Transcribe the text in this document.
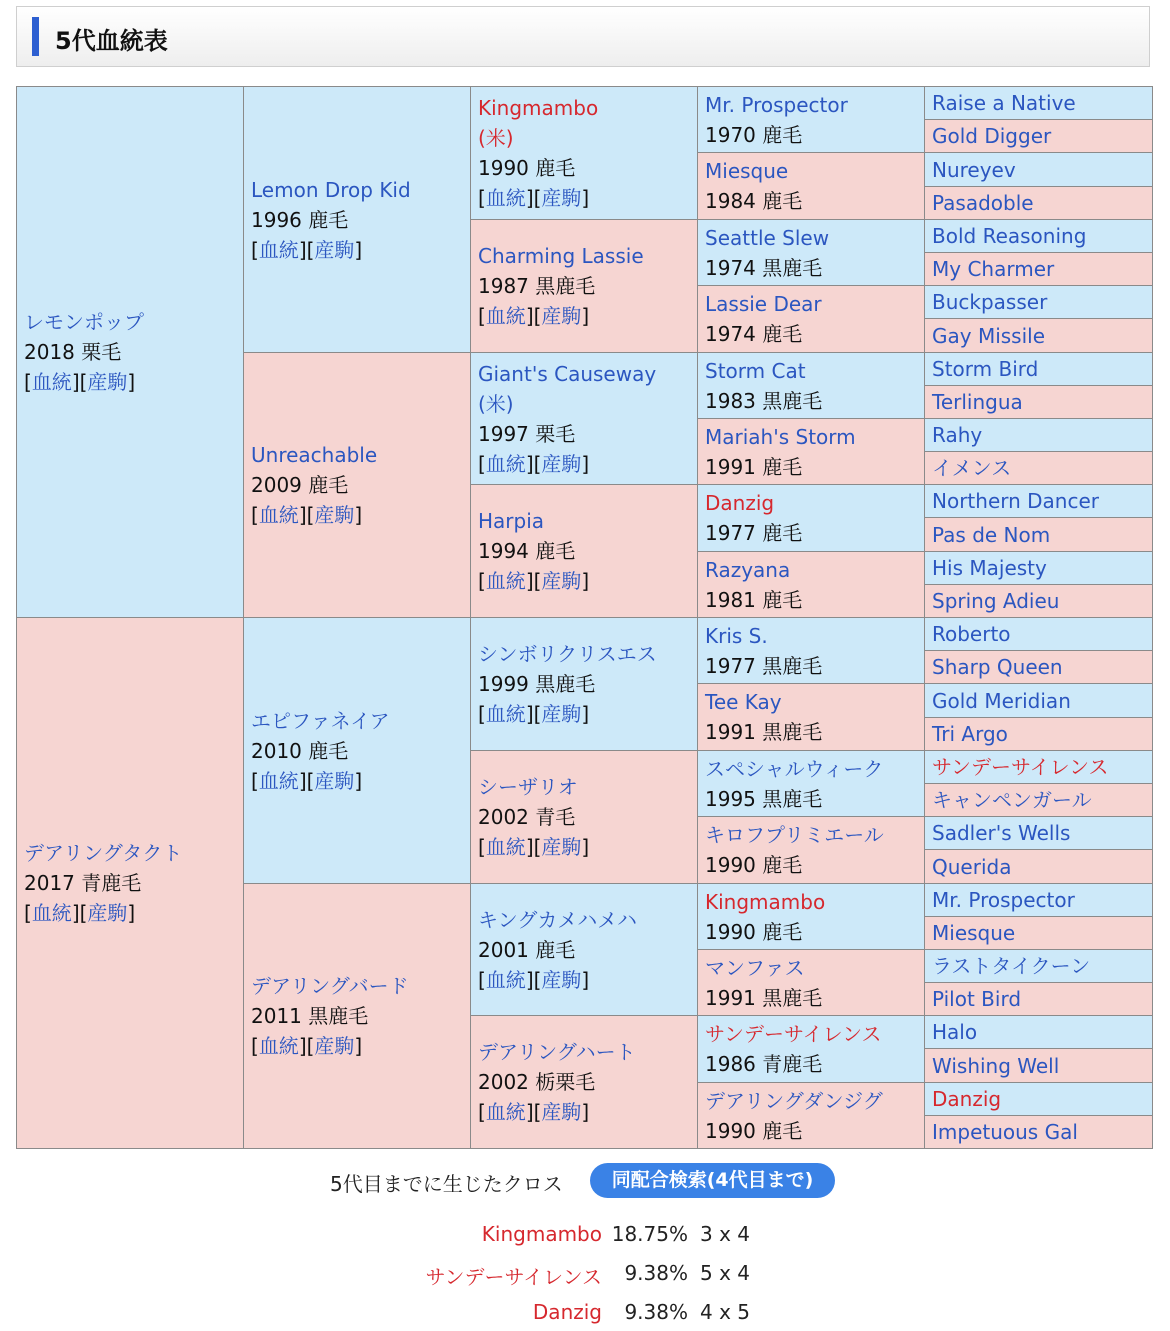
5代血統表
レモンポップ
2018 栗毛
[血統][産駒]
デアリングタクト
2017 青鹿毛
[血統][産駒]
Lemon Drop Kid
1996 鹿毛
[血統][産駒]
Unreachable
2009 鹿毛
[血統][産駒]
エピファネイア
2010 鹿毛
[血統][産駒]
デアリングバード
2011 黒鹿毛
[血統][産駒]
Kingmambo
(米)
1990 鹿毛
[血統][産駒]
Charming Lassie
1987 黒鹿毛
[血統][産駒]
Giant's Causeway
(米)
1997 栗毛
[血統][産駒]
Harpia
1994 鹿毛
[血統][産駒]
シンボリクリスエス
1999 黒鹿毛
[血統][産駒]
シーザリオ
2002 青毛
[血統][産駒]
キングカメハメハ
2001 鹿毛
[血統][産駒]
デアリングハート
2002 栃栗毛
[血統][産駒]
Mr. Prospector
1970 鹿毛
Miesque
1984 鹿毛
Seattle Slew
1974 黒鹿毛
Lassie Dear
1974 鹿毛
Storm Cat
1983 黒鹿毛
Mariah's Storm
1991 鹿毛
Danzig
1977 鹿毛
Razyana
1981 鹿毛
Kris S.
1977 黒鹿毛
Tee Kay
1991 黒鹿毛
スペシャルウィーク
1995 黒鹿毛
キロフプリミエール
1990 鹿毛
Kingmambo
1990 鹿毛
マンファス
1991 黒鹿毛
サンデーサイレンス
1986 青鹿毛
デアリングダンジグ
1990 鹿毛
Raise a Native
Gold Digger
Nureyev
Pasadoble
Bold Reasoning
My Charmer
Buckpasser
Gay Missile
Storm Bird
Terlingua
Rahy
イメンス
Northern Dancer
Pas de Nom
His Majesty
Spring Adieu
Roberto
Sharp Queen
Gold Meridian
Tri Argo
サンデーサイレンス
キャンペンガール
Sadler's Wells
Querida
Mr. Prospector
Miesque
ラストタイクーン
Pilot Bird
Halo
Wishing Well
Danzig
Impetuous Gal
5代目までに生じたクロス	同配合検索(4代目まで)
Kingmambo 18.75% 3 x 4
サンデーサイレンス 9.38% 5 x 4
Danzig 9.38% 4 x 5
